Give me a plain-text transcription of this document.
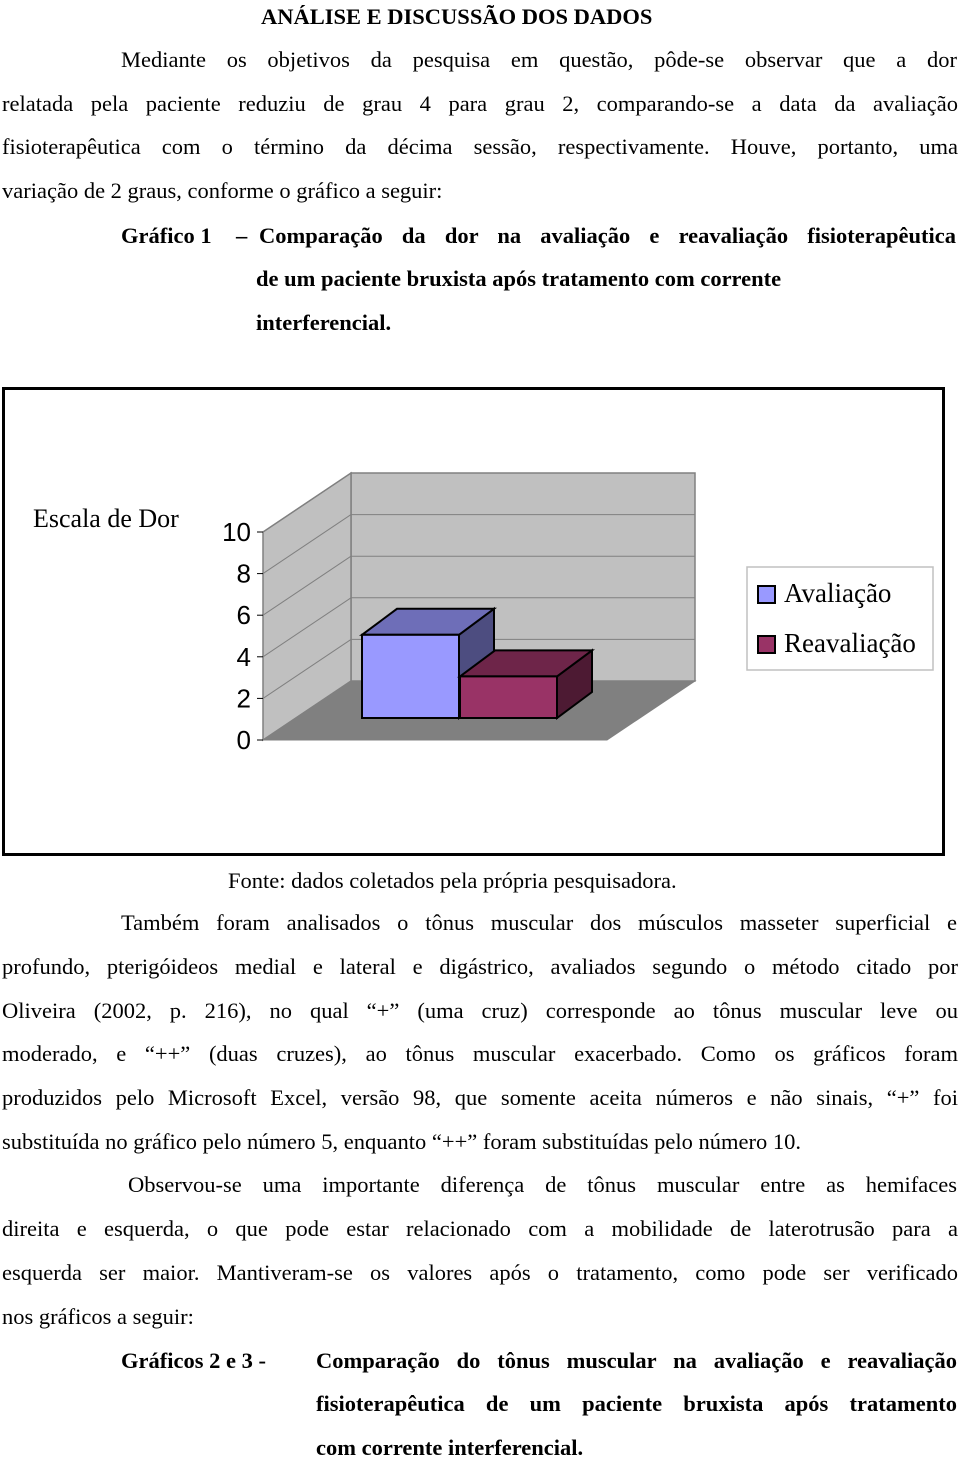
ANÁLISE E DISCUSSÃO DOS DADOS
Mediante os objetivos da pesquisa em questão, pôde-se observar que a dor
relatada pela paciente reduziu de grau 4 para grau 2, comparando-se a data da avaliação
fisioterapêutica com o término da décima sessão, respectivamente. Houve, portanto, uma
variação de 2 graus, conforme o gráfico a seguir:
Gráfico 1 – Comparação da dor na avaliação e reavaliação fisioterapêutica
de um paciente bruxista após tratamento com corrente
interferencial.
Escala de Dor 10
8
6
4
2
0
Avaliação
Reavaliação
Fonte: dados coletados pela própria pesquisadora.
Também foram analisados o tônus muscular dos músculos masseter superficial e
profundo, pterigóideos medial e lateral e digástrico, avaliados segundo o método citado por
Oliveira (2002, p. 216), no qual “+” (uma cruz) corresponde ao tônus muscular leve ou
moderado, e “++” (duas cruzes), ao tônus muscular exacerbado. Como os gráficos foram
produzidos pelo Microsoft Excel, versão 98, que somente aceita números e não sinais, “+” foi
substituída no gráfico pelo número 5, enquanto “++” foram substituídas pelo número 10.
Observou-se uma importante diferença de tônus muscular entre as hemifaces
direita e esquerda, o que pode estar relacionado com a mobilidade de laterotrusão para a
esquerda ser maior. Mantiveram-se os valores após o tratamento, como pode ser verificado
nos gráficos a seguir:
Gráficos 2 e 3 - Comparação do tônus muscular na avaliação e reavaliação
fisioterapêutica de um paciente bruxista após tratamento
com corrente interferencial.
